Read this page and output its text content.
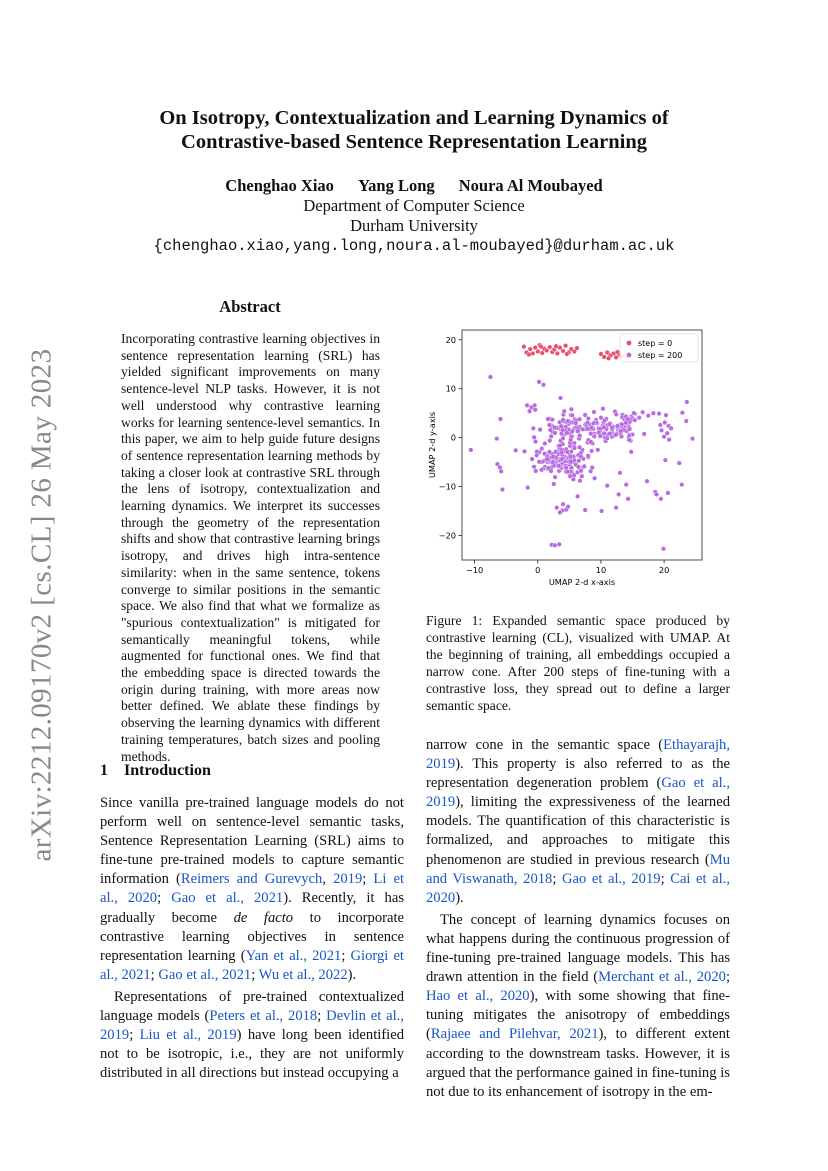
arXiv:2212.09170v2 [cs.CL] 26 May 2023
On Isotropy, Contextualization and Learning Dynamics of
Contrastive-based Sentence Representation Learning
Chenghao Xiao Yang Long Noura Al Moubayed
Department of Computer Science
Durham University
{chenghao.xiao,yang.long,noura.al-moubayed}@durham.ac.uk
Abstract
Incorporating contrastive learning objectives in sentence representation learning (SRL) has yielded significant improvements on many sentence-level NLP tasks. However, it is not well understood why contrastive learning works for learning sentence-level semantics. In this paper, we aim to help guide future designs of sentence representation learning methods by taking a closer look at contrastive SRL through the lens of isotropy, contextualization and learning dynamics. We interpret its successes through the geometry of the representation shifts and show that contrastive learning brings isotropy, and drives high intra-sentence similarity: when in the same sentence, tokens converge to similar positions in the semantic space. We also find that what we formalize as "spurious contextualization" is mitigated for semantically meaningful tokens, while augmented for functional ones. We find that the embedding space is directed towards the origin during training, with more areas now better defined. We ablate these findings by observing the learning dynamics with different training temperatures, batch sizes and pooling methods.
1 Introduction

Since vanilla pre-trained language models do not perform well on sentence-level semantic tasks, Sentence Representation Learning (SRL) aims to fine-tune pre-trained models to capture semantic information (Reimers and Gurevych, 2019; Li et al., 2020; Gao et al., 2021). Recently, it has gradually become de facto to incorporate contrastive learning objectives in sentence representation learning (Yan et al., 2021; Giorgi et al., 2021; Gao et al., 2021; Wu et al., 2022).

Representations of pre-trained contextualized language models (Peters et al., 2018; Devlin et al., 2019; Liu et al., 2019) have long been identified not to be isotropic, i.e., they are not uniformly distributed in all directions but instead occupying a

−10	0	10	20
20
10
0
−10
−20
UMAP 2-d x-axis
UMAP 2-d y-axis
step = 0
step = 200
Figure 1: Expanded semantic space produced by contrastive learning (CL), visualized with UMAP. At the beginning of training, all embeddings occupied a narrow cone. After 200 steps of fine-tuning with a contrastive loss, they spread out to define a larger semantic space.

narrow cone in the semantic space (Ethayarajh, 2019). This property is also referred to as the representation degeneration problem (Gao et al., 2019), limiting the expressiveness of the learned models. The quantification of this characteristic is formalized, and approaches to mitigate this phenomenon are studied in previous research (Mu and Viswanath, 2018; Gao et al., 2019; Cai et al., 2020).

The concept of learning dynamics focuses on what happens during the continuous progression of fine-tuning pre-trained language models. This has drawn attention in the field (Merchant et al., 2020; Hao et al., 2020), with some showing that fine-tuning mitigates the anisotropy of embeddings (Rajaee and Pilehvar, 2021), to different extent according to the downstream tasks. However, it is argued that the performance gained in fine-tuning is not due to its enhancement of isotropy in the em-
